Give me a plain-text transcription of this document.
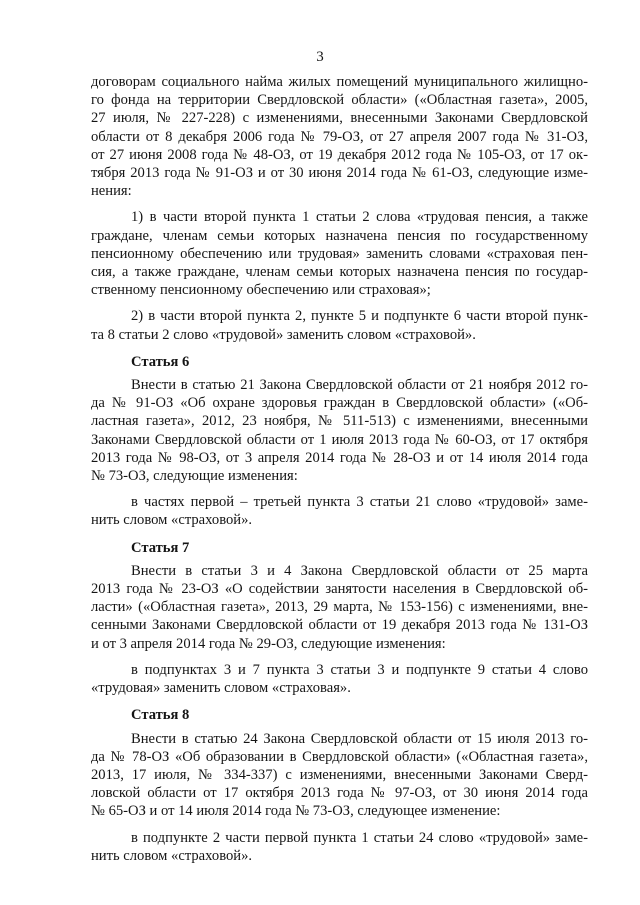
3
договорам социального найма жилых помещений муниципального жилищно-
го фонда на территории Свердловской области» («Областная газета», 2005,
27 июля, № 227-228) с изменениями, внесенными Законами Свердловской
области от 8 декабря 2006 года № 79-ОЗ, от 27 апреля 2007 года № 31-ОЗ,
от 27 июня 2008 года № 48-ОЗ, от 19 декабря 2012 года № 105-ОЗ, от 17 ок-
тября 2013 года № 91-ОЗ и от 30 июня 2014 года № 61-ОЗ, следующие изме-
нения:
1) в части второй пункта 1 статьи 2 слова «трудовая пенсия, а также
граждане, членам семьи которых назначена пенсия по государственному
пенсионному обеспечению или трудовая» заменить словами «страховая пен-
сия, а также граждане, членам семьи которых назначена пенсия по государ-
ственному пенсионному обеспечению или страховая»;
2) в части второй пункта 2, пункте 5 и подпункте 6 части второй пунк-
та 8 статьи 2 слово «трудовой» заменить словом «страховой».
Статья 6
Внести в статью 21 Закона Свердловской области от 21 ноября 2012 го-
да № 91-ОЗ «Об охране здоровья граждан в Свердловской области» («Об-
ластная газета», 2012, 23 ноября, № 511-513) с изменениями, внесенными
Законами Свердловской области от 1 июля 2013 года № 60-ОЗ, от 17 октября
2013 года № 98-ОЗ, от 3 апреля 2014 года № 28-ОЗ и от 14 июля 2014 года
№ 73-ОЗ, следующие изменения:
в частях первой – третьей пункта 3 статьи 21 слово «трудовой» заме-
нить словом «страховой».
Статья 7
Внести в статьи 3 и 4 Закона Свердловской области от 25 марта
2013 года № 23-ОЗ «О содействии занятости населения в Свердловской об-
ласти» («Областная газета», 2013, 29 марта, № 153-156) с изменениями, вне-
сенными Законами Свердловской области от 19 декабря 2013 года № 131-ОЗ
и от 3 апреля 2014 года № 29-ОЗ, следующие изменения:
в подпунктах 3 и 7 пункта 3 статьи 3 и подпункте 9 статьи 4 слово
«трудовая» заменить словом «страховая».
Статья 8
Внести в статью 24 Закона Свердловской области от 15 июля 2013 го-
да № 78-ОЗ «Об образовании в Свердловской области» («Областная газета»,
2013, 17 июля, № 334-337) с изменениями, внесенными Законами Сверд-
ловской области от 17 октября 2013 года № 97-ОЗ, от 30 июня 2014 года
№ 65-ОЗ и от 14 июля 2014 года № 73-ОЗ, следующее изменение:
в подпункте 2 части первой пункта 1 статьи 24 слово «трудовой» заме-
нить словом «страховой».
